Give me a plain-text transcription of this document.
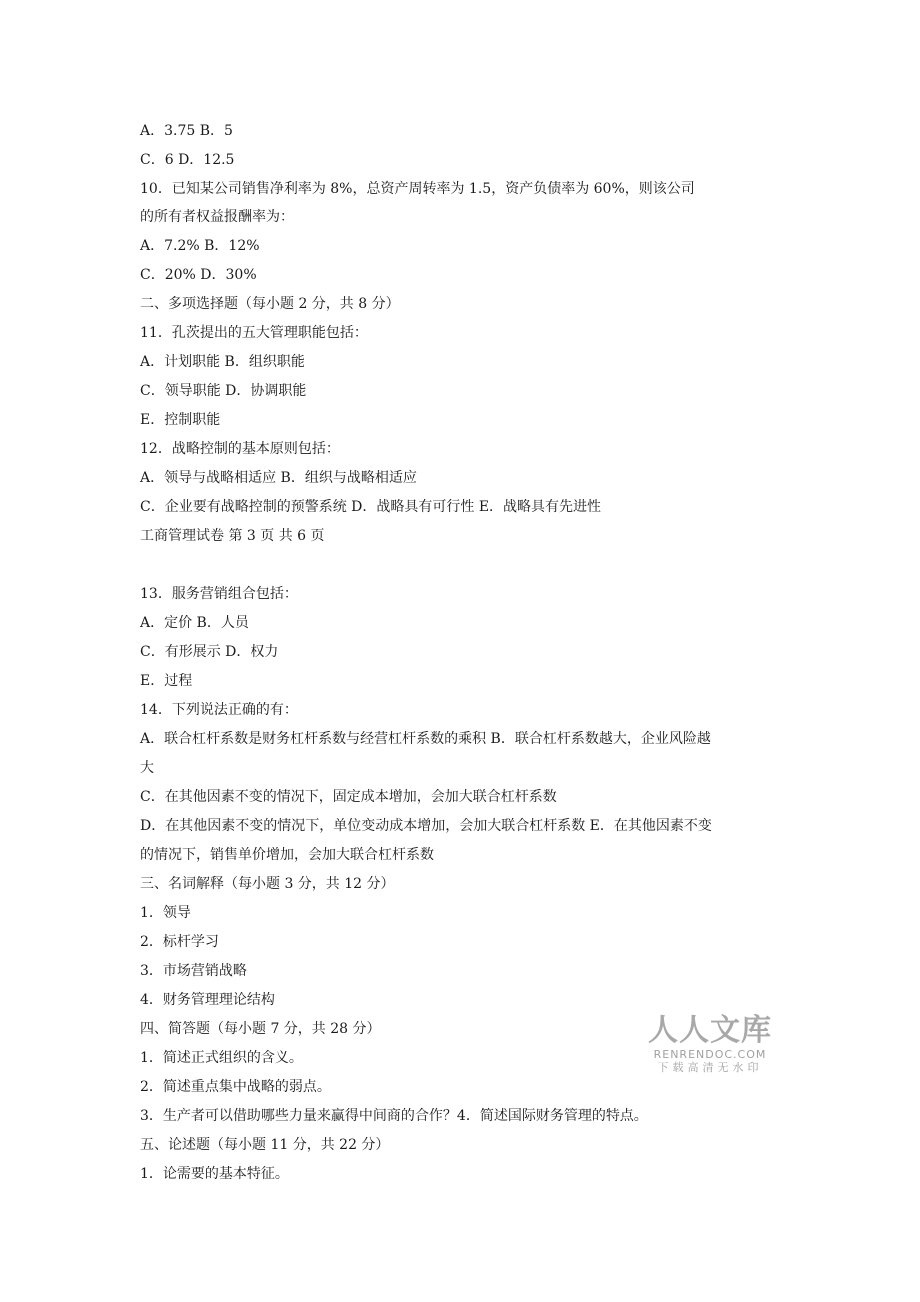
A．3.75 B．5
C．6 D．12.5
10．已知某公司销售净利率为 8%，总资产周转率为 1.5，资产负债率为 60%，则该公司
的所有者权益报酬率为：
A．7.2% B．12%
C．20% D．30%
二、多项选择题（每小题 2 分，共 8 分）
11．孔茨提出的五大管理职能包括：
A．计划职能 B．组织职能
C．领导职能 D．协调职能
E．控制职能
12．战略控制的基本原则包括：
A．领导与战略相适应 B．组织与战略相适应
C．企业要有战略控制的预警系统 D．战略具有可行性 E．战略具有先进性
工商管理试卷 第 3 页 共 6 页
13．服务营销组合包括：
A．定价 B．人员
C．有形展示 D．权力
E．过程
14．下列说法正确的有：
A．联合杠杆系数是财务杠杆系数与经营杠杆系数的乘积 B．联合杠杆系数越大，企业风险越
大
C．在其他因素不变的情况下，固定成本增加，会加大联合杠杆系数
D．在其他因素不变的情况下，单位变动成本增加，会加大联合杠杆系数 E．在其他因素不变
的情况下，销售单价增加，会加大联合杠杆系数
三、名词解释（每小题 3 分，共 12 分）
1．领导
2．标杆学习
3．市场营销战略
4．财务管理理论结构
四、简答题（每小题 7 分，共 28 分）
1．简述正式组织的含义。
2．简述重点集中战略的弱点。
3．生产者可以借助哪些力量来赢得中间商的合作？4．简述国际财务管理的特点。
五、论述题（每小题 11 分，共 22 分）
1．论需要的基本特征。
人人文库
RENRENDOC.COM
下载高清无水印
